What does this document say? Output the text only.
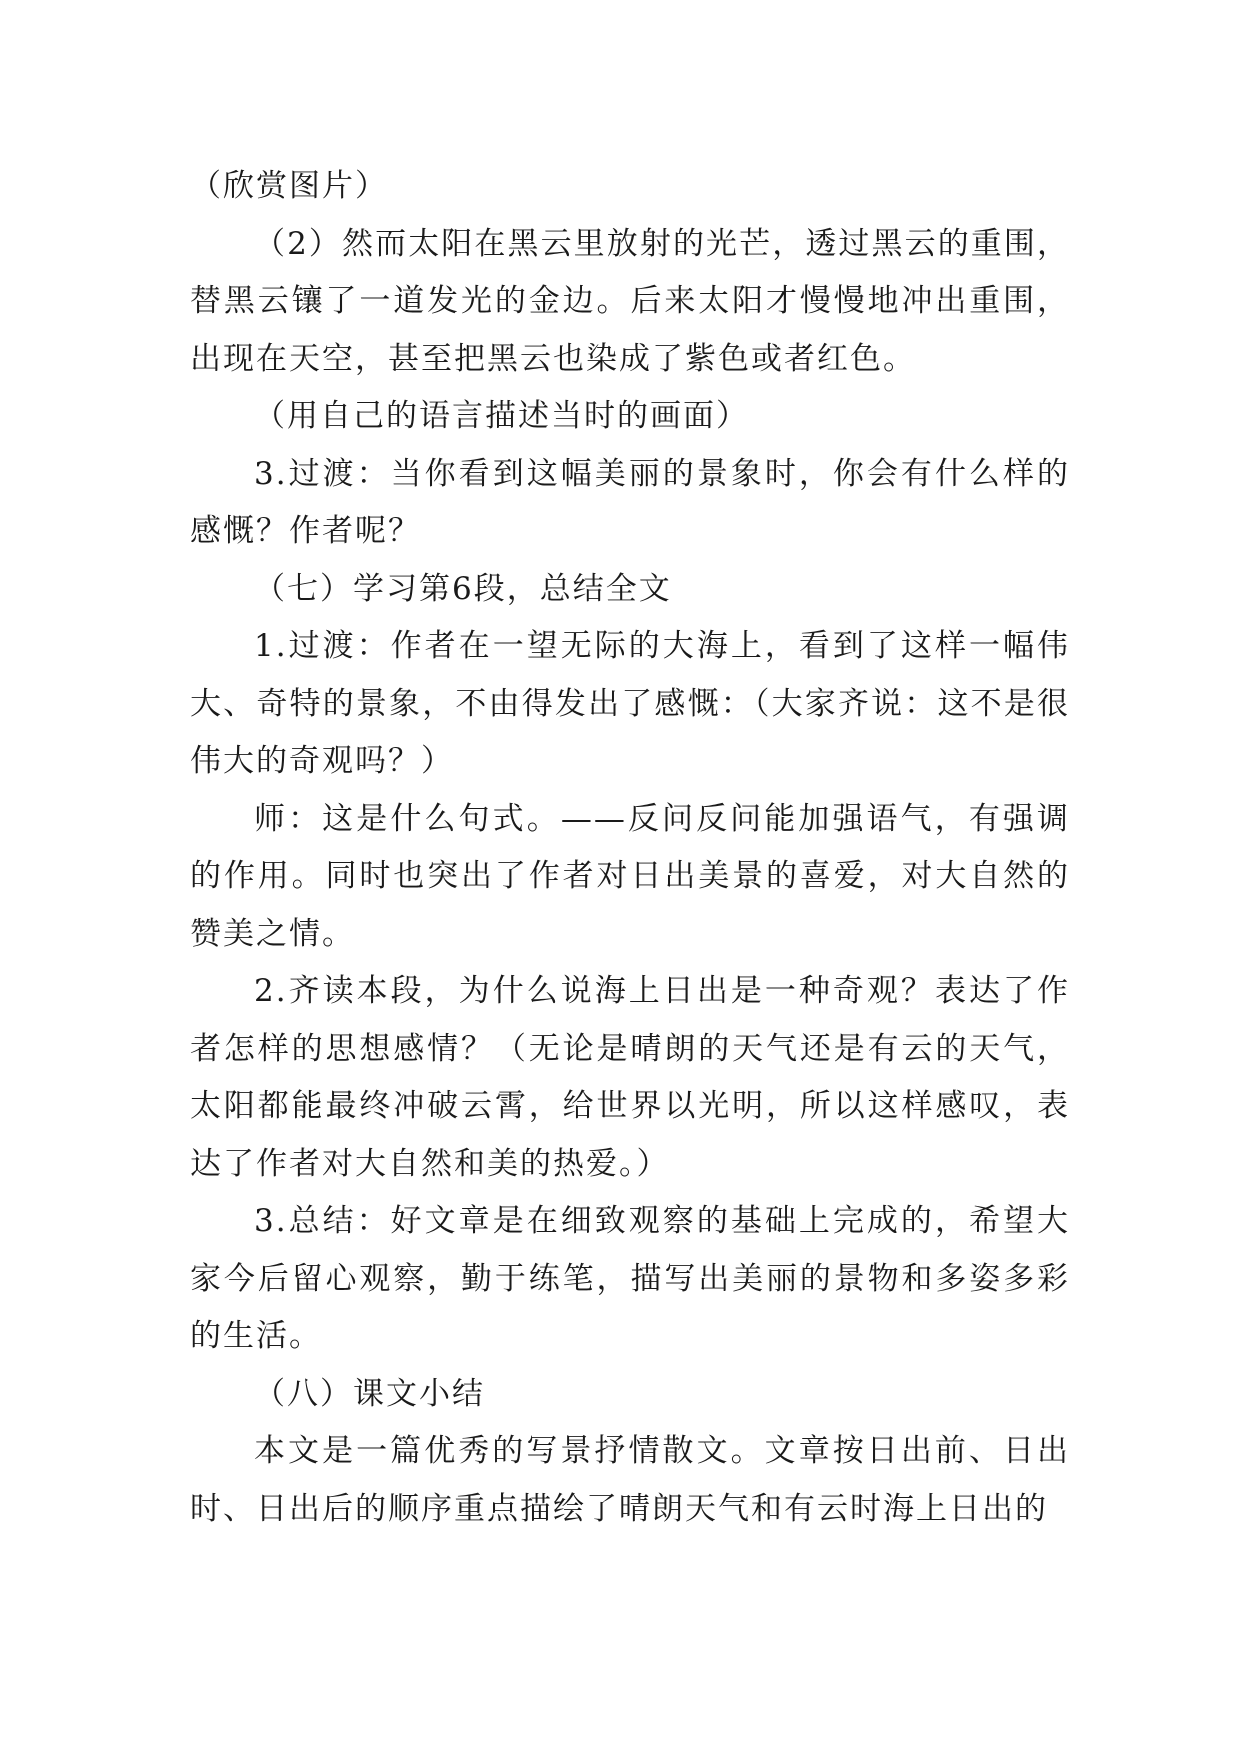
（欣赏图片）

（2）然而太阳在黑云里放射的光芒，透过黑云的重围，替黑云镶了一道发光的金边。后来太阳才慢慢地冲出重围，出现在天空，甚至把黑云也染成了紫色或者红色。

（用自己的语言描述当时的画面）

3.过渡：当你看到这幅美丽的景象时，你会有什么样的感慨？作者呢？

（七）学习第6段，总结全文

1.过渡：作者在一望无际的大海上，看到了这样一幅伟大、奇特的景象，不由得发出了感慨：（大家齐说：这不是很伟大的奇观吗？）

师：这是什么句式。——反问反问能加强语气，有强调的作用。同时也突出了作者对日出美景的喜爱，对大自然的赞美之情。

2.齐读本段，为什么说海上日出是一种奇观？表达了作者怎样的思想感情？（无论是晴朗的天气还是有云的天气，太阳都能最终冲破云霄，给世界以光明，所以这样感叹，表达了作者对大自然和美的热爱。）

3.总结：好文章是在细致观察的基础上完成的，希望大家今后留心观察，勤于练笔，描写出美丽的景物和多姿多彩的生活。

（八）课文小结

本文是一篇优秀的写景抒情散文。文章按日出前、日出时、日出后的顺序重点描绘了晴朗天气和有云时海上日出的
